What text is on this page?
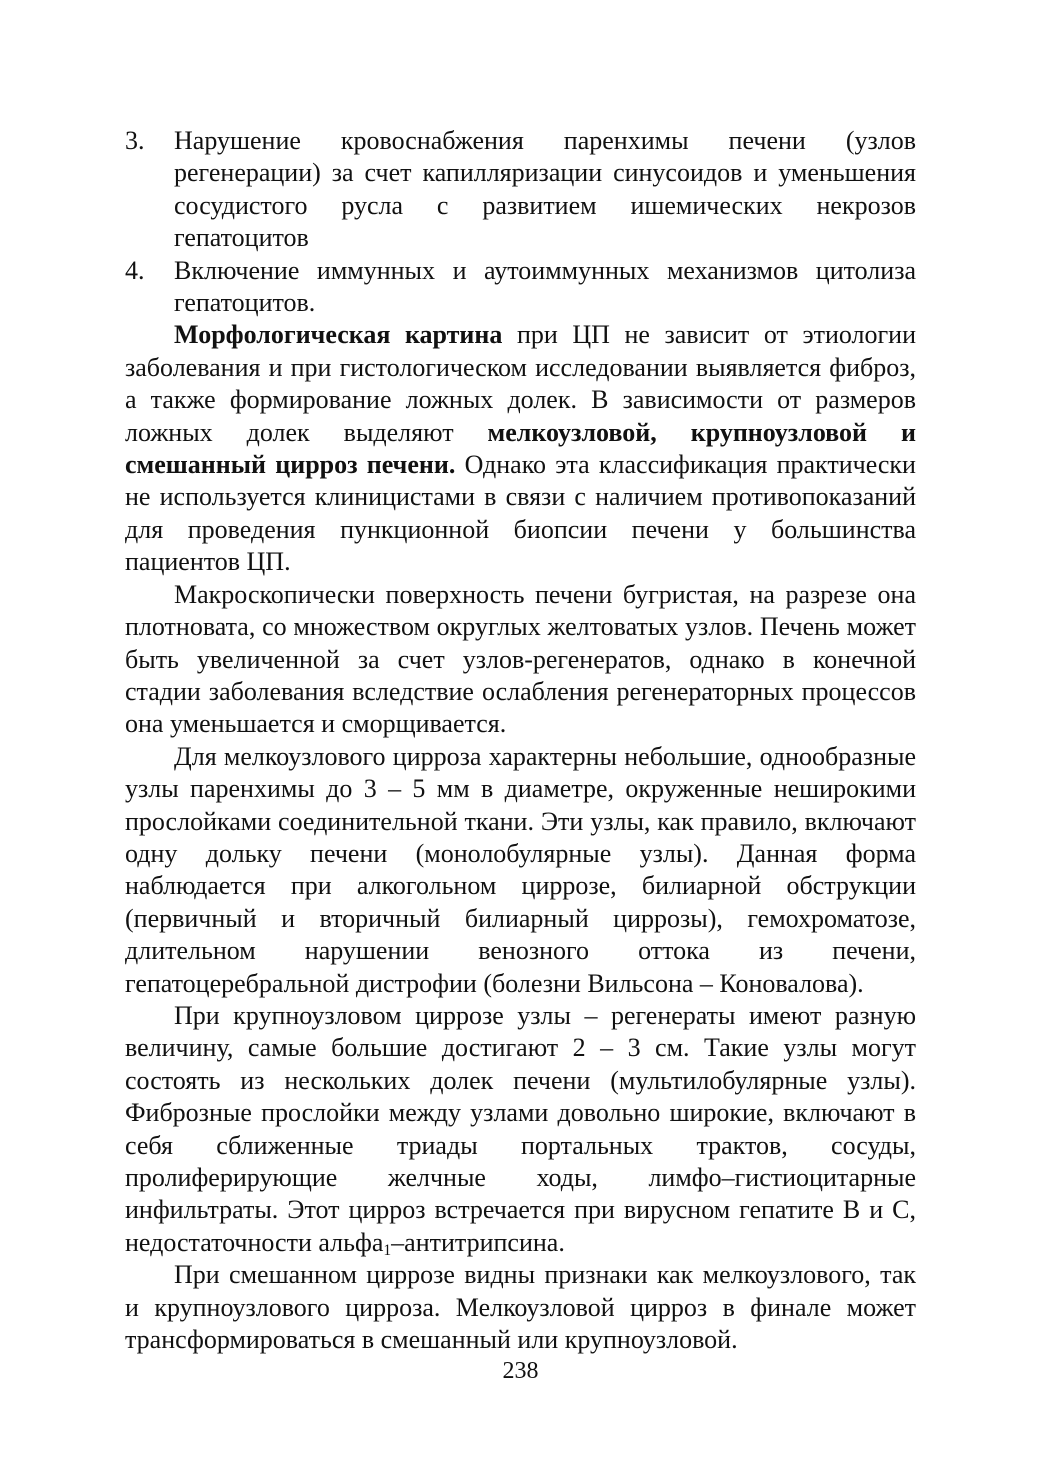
3.	Нарушение кровоснабжения паренхимы печени (узлов регенерации) за счет капилляризации синусоидов и уменьшения сосудистого русла с развитием ишемических некрозов гепатоцитов
4.	Включение иммунных и аутоиммунных механизмов цитолиза гепатоцитов.

Морфологическая картина при ЦП не зависит от этиологии заболевания и при гистологическом исследовании выявляется фиброз, а также формирование ложных долек. В зависимости от размеров ложных долек выделяют мелкоузловой, крупноузловой и смешанный цирроз печени. Однако эта классификация практически не используется клиницистами в связи с наличием противопоказаний для проведения пункционной биопсии печени у большинства пациентов ЦП.

Макроскопически поверхность печени бугристая, на разрезе она плотновата, со множеством округлых желтоватых узлов. Печень может быть увеличенной за счет узлов-регенератов, однако в конечной стадии заболевания вследствие ослабления регенераторных процессов она уменьшается и сморщивается.

Для мелкоузлового цирроза характерны небольшие, однообразные узлы паренхимы до 3 – 5 мм в диаметре, окруженные неширокими прослойками соединительной ткани. Эти узлы, как правило, включают одну дольку печени (монолобулярные узлы). Данная форма наблюдается при алкогольном циррозе, билиарной обструкции (первичный и вторичный билиарный циррозы), гемохроматозе, длительном нарушении венозного оттока из печени, гепатоцеребральной дистрофии (болезни Вильсона – Коновалова).

При крупноузловом циррозе узлы – регенераты имеют разную величину, самые большие достигают 2 – 3 см. Такие узлы могут состоять из нескольких долек печени (мультилобулярные узлы). Фиброзные прослойки между узлами довольно широкие, включают в себя сближенные триады портальных трактов, сосуды, пролиферирующие желчные ходы, лимфо–гистиоцитарные инфильтраты. Этот цирроз встречается при вирусном гепатите В и С, недостаточности альфа$_1$–антитрипсина.

При смешанном циррозе видны признаки как мелкоузлового, так и крупноузлового цирроза. Мелкоузловой цирроз в финале может трансформироваться в смешанный или крупноузловой.

238
